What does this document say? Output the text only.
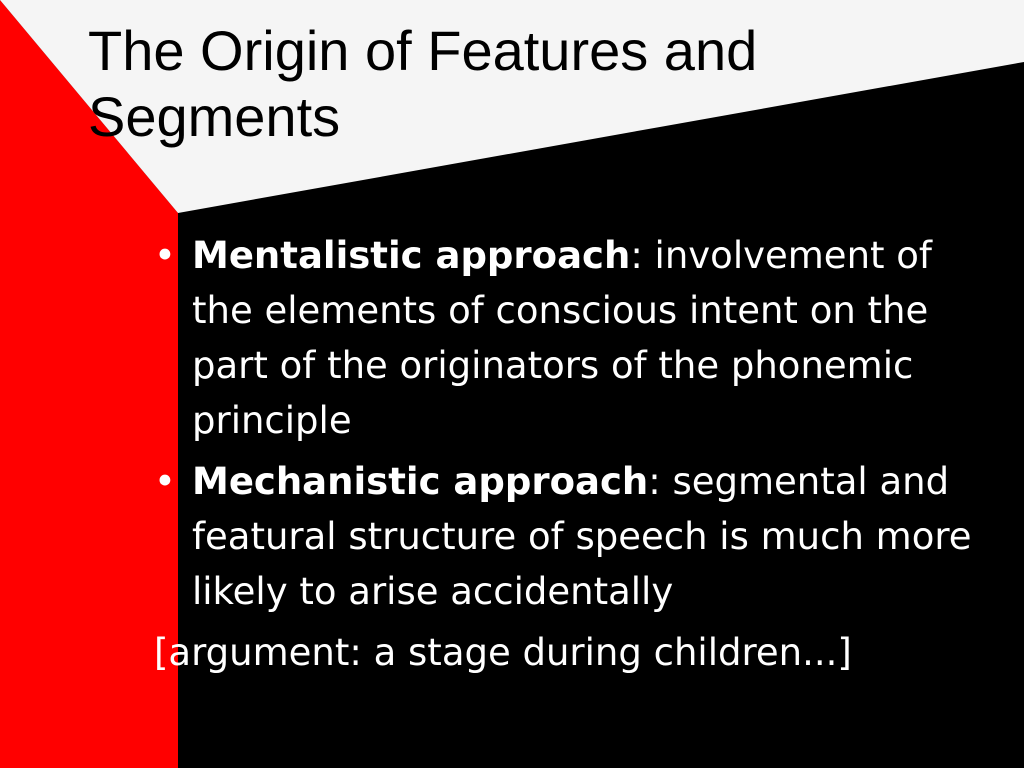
The Origin of Features and
Segments
• Mentalistic approach: involvement of the elements of conscious intent on the part of the originators of the phonemic principle
• Mechanistic approach: segmental and featural structure of speech is much more likely to arise accidentally
[argument: a stage during children...]
